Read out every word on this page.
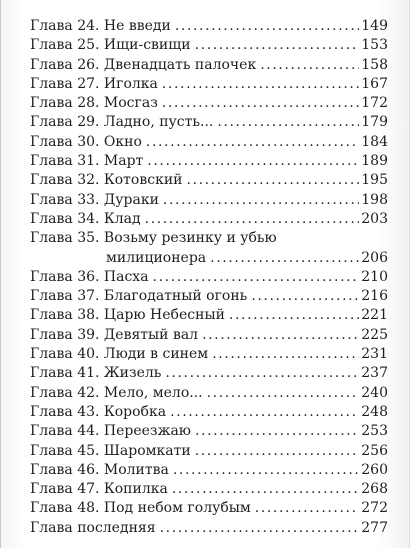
Глава 24. Не введи .....	149
Глава 25. Ищи-свищи .....	153
Глава 26. Двенадцать палочек .....	158
Глава 27. Иголка .....	167
Глава 28. Мосгаз .....	172
Глава 29. Ладно, пусть... .....	179
Глава 30. Окно .....	184
Глава 31. Март .....	189
Глава 32. Котовский .....	195
Глава 33. Дураки .....	198
Глава 34. Клад .....	203
Глава 35. Возьму резинку и убью
милиционера .....	206
Глава 36. Пасха .....	210
Глава 37. Благодатный огонь .....	216
Глава 38. Царю Небесный .....	221
Глава 39. Девятый вал .....	225
Глава 40. Люди в синем .....	231
Глава 41. Жизель .....	237
Глава 42. Мело, мело... .....	240
Глава 43. Коробка .....	248
Глава 44. Переезжаю .....	253
Глава 45. Шаромкати .....	256
Глава 46. Молитва .....	260
Глава 47. Копилка .....	268
Глава 48. Под небом голубым .....	272
Глава последняя .....	277
